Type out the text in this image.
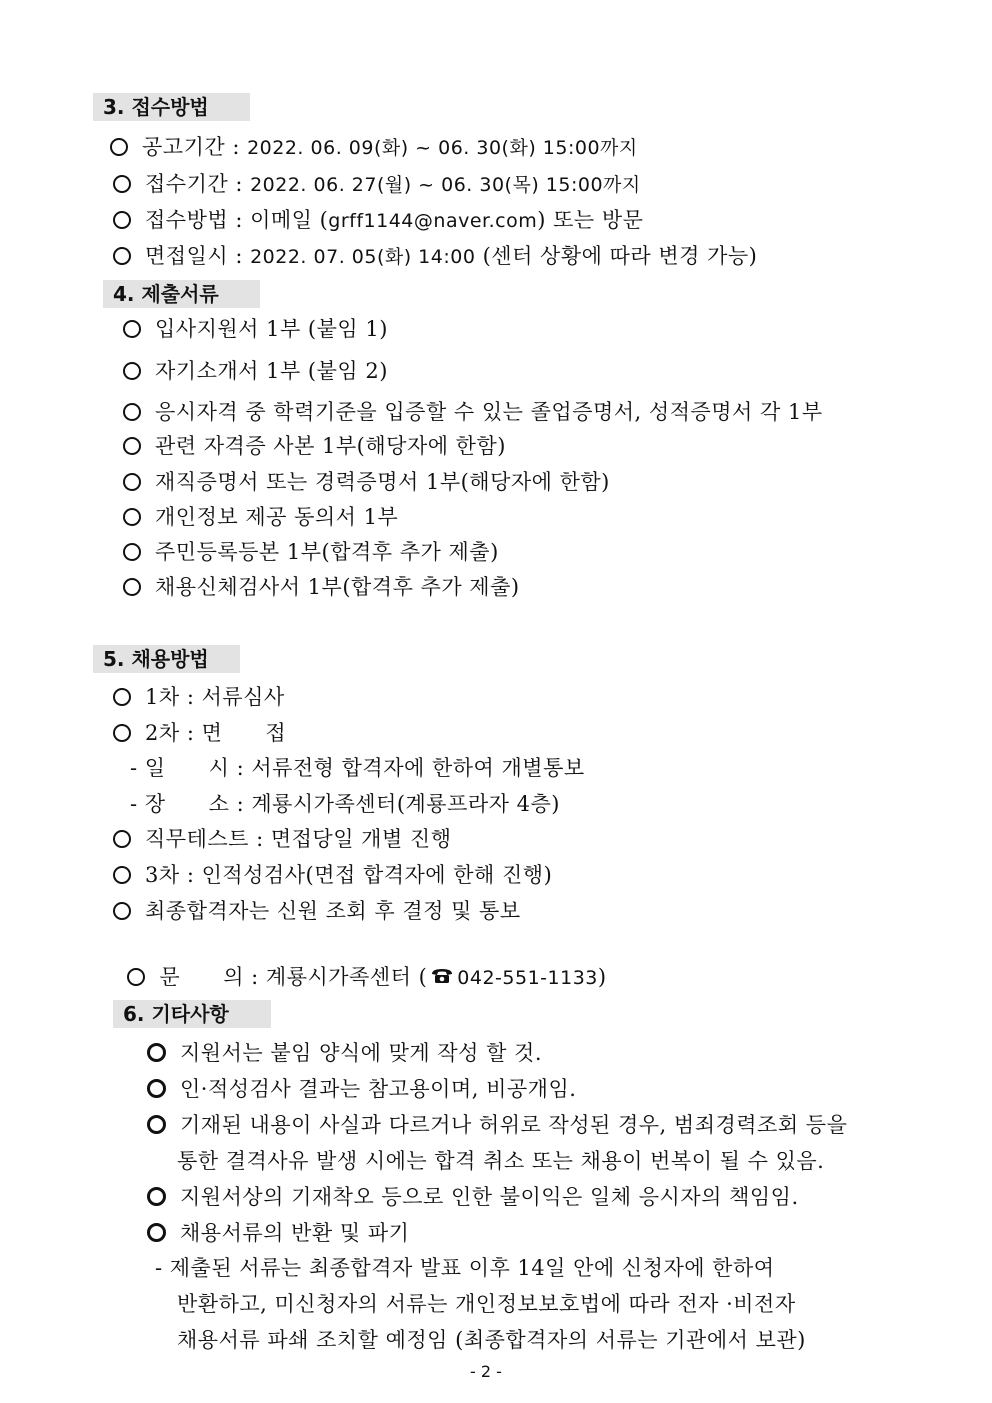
3. 접수방법
공고기간 : 2022. 06. 09(화) ~ 06. 30(화) 15:00까지
접수기간 : 2022. 06. 27(월) ~ 06. 30(목) 15:00까지
접수방법 : 이메일 (grff1144@naver.com) 또는 방문
면접일시 : 2022. 07. 05(화) 14:00 (센터 상황에 따라 변경 가능)
4. 제출서류
입사지원서 1부 (붙임 1)
자기소개서 1부 (붙임 2)
응시자격 중 학력기준을 입증할 수 있는 졸업증명서, 성적증명서 각 1부
관련 자격증 사본 1부(해당자에 한함)
재직증명서 또는 경력증명서 1부(해당자에 한함)
개인정보 제공 동의서 1부
주민등록등본 1부(합격후 추가 제출)
채용신체검사서 1부(합격후 추가 제출)
5. 채용방법
1차 : 서류심사
2차 : 면      접
- 일      시 : 서류전형 합격자에 한하여 개별통보
- 장      소 : 계룡시가족센터(계룡프라자 4층)
직무테스트 : 면접당일 개별 진행
3차 : 인적성검사(면접 합격자에 한해 진행)
최종합격자는 신원 조회 후 결정 및 통보

문      의 : 계룡시가족센터 ( 042-551-1133)

6. 기타사항
지원서는 붙임 양식에 맞게 작성 할 것.
인·적성검사 결과는 참고용이며, 비공개임.
기재된 내용이 사실과 다르거나 허위로 작성된 경우, 범죄경력조회 등을
통한 결격사유 발생 시에는 합격 취소 또는 채용이 번복이 될 수 있음.
지원서상의 기재착오 등으로 인한 불이익은 일체 응시자의 책임임.
채용서류의 반환 및 파기
- 제출된 서류는 최종합격자 발표 이후 14일 안에 신청자에 한하여
반환하고, 미신청자의 서류는 개인정보보호법에 따라 전자 ·비전자
채용서류 파쇄 조치할 예정임 (최종합격자의 서류는 기관에서 보관)
- 2 -
